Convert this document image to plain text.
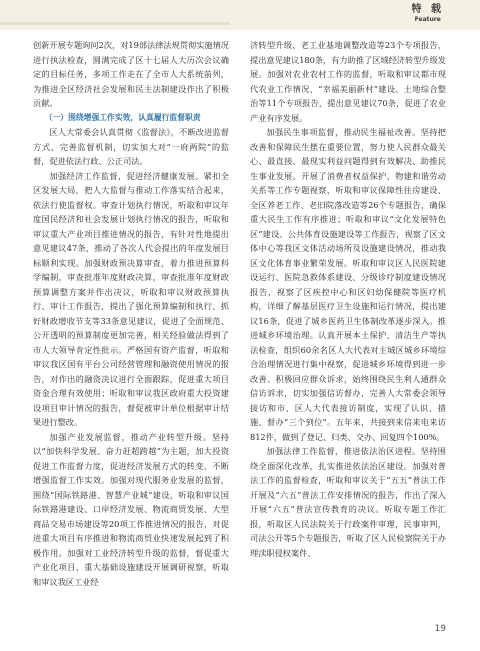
特 载
Feature

创新开展专题询问2次，对19部法律法规贯彻实施情况进行执法检查，圆满完成了区十七届人大历次会议确定的目标任务，多项工作走在了全市人大系统前列，为推进全区经济社会发展和民主法制建设作出了积极贡献。

（一）围绕增强工作实效，认真履行监督职责

区人大常委会认真贯彻《监督法》，不断改进监督方式、完善监督机制，切实加大对“一府两院”的监督，促进依法行政、公正司法。

加强经济工作监督，促进经济健康发展。紧扣全区发展大局，把人大监督与推动工作落实结合起来，依法行使监督权。审查计划执行情况，听取和审议年度国民经济和社会发展计划执行情况的报告，听取和审议重大产业项目推进情况的报告，有针对性地提出意见建议47条，推动了各次人代会提出的年度发展目标顺利实现。加强财政预决算审查，着力推进预算科学编制，审查批准年度财政决算，审查批准年度财政预算调整方案并作出决议，听取和审议财政预算执行、审计工作报告，提出了强化预算编制和执行、抓好财政增收节支等33条意见建议，促进了全面规范、公开透明的预算制度更加完善，相关经验做法得到了市人大领导肯定性批示。严格国有资产监督，听取和审议我区国有平台公司经营管理和融资使用情况的报告，对作出的融资决议进行全面跟踪，促进重大项目资金合理有效使用；听取和审议我区政府重大投资建设项目审计情况的报告，督促被审计单位根据审计结果进行整改。

加强产业发展监督，推动产业转型升级。坚持以“加快科学发展、奋力赶超跨越”为主题，加大投资促进工作监督力度，促进经济发展方式的转变，不断增强监督工作实效。加强对现代服务业发展的监督，围绕“国际铁路港、智慧产业城”建设，听取和审议国际铁路港建设、口岸经济发展、物流商贸发展、大型商品交易市场建设等20项工作推进情况的报告，对促进重大项目有序推进和物流商贸业快速发展起到了积极作用。加强对工业经济转型升级的监督，督促重大产业化项目、重大基础设施建设开展调研视察，听取和审议我区工业经

济转型升级、老工业基地调整改造等23个专项报告，提出意见建议180条，有力助推了区域经济转型升级发展。加强对农业农村工作的监督，听取和审议都市现代农业工作情况、“幸福美丽新村”建设、土地综合整治等11个专项报告，提出意见建议70条，促进了农业产业有序发展。

加强民生事项监督，推动民生福祉改善。坚持把改善和保障民生摆在重要位置，努力使人民群众最关心、最直接、最现实利益问题得到有效解决、助推民生事业发展。开展了消费者权益保护、物建和谐劳动关系等工作专题视察，听取和审议保障性住房建设、全区养老工作、老旧院落改造等26个专题报告，确保重大民生工作有序推进；听取和审议“文化发展特色区”建设、公共体育设施建设等工作报告，视察了区文体中心等我区文体活动场所及设施建设情况，推动我区文化体育事业繁荣发展。听取和审议区人民医院建设运行、医院急救体系建设、分级诊疗制度建设情况报告，视察了区疾控中心和区妇幼保健院等医疗机构，详细了解基层医疗卫生设施和运行情况，提出建议16条，促进了城乡医药卫生体制改革逐步深入。推进城乡环境治理。认真开展本土保护、清洁生产等执法检查，组织60余名区人大代表对主城区城乡环境综合治理情况进行集中视察，促进城乡环境得到进一步改善。积极回应群众诉求，始终围绕民生利人通群众信访诉求，切实加强信访督办，完善人大常委会领导接访和市、区人大代表接访制度，实现了认识、措施、督办“三个到位”。五年来，共接到来信来电来访812件，做到了登记、归类、交办、回复四个100%。

加强法律工作监督，推进依法治区进程。坚持围绕全面深化改革，扎实推进依法治区建设。加强对普法工作的监督检查，听取和审议关于“五五”普法工作开展及“六五”普法工作安排情况的报告，作出了深入开展“六五”普法宣传教育的决议。听取专题工作汇报，听取区人民法院关于行政案件审理，民事审判，司法公开等5个专题报告，听取了区人民检察院关于办理渎职侵权案件、

19
